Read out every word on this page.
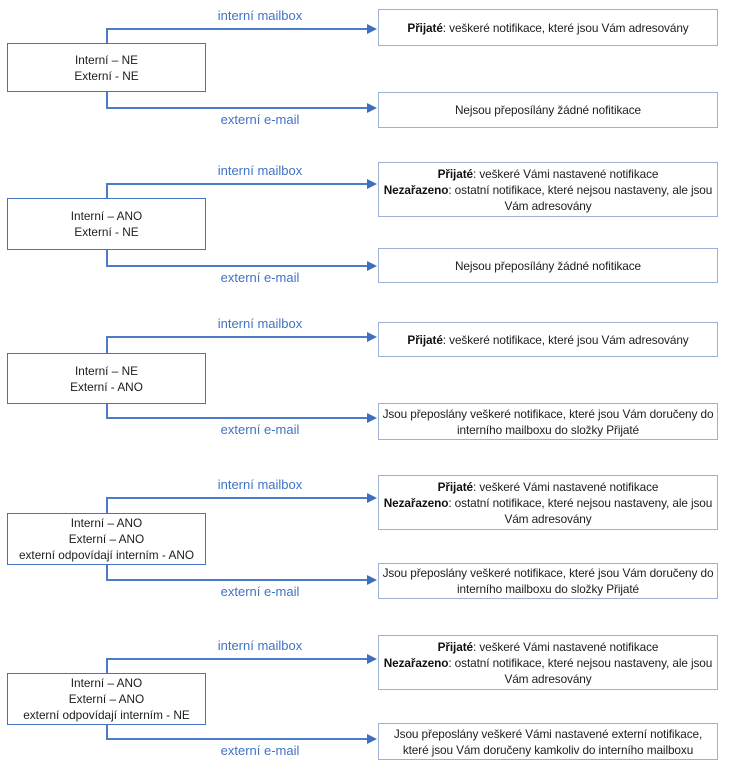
interní mailbox
externí e-mail
Interní – NE
Externí - NE
Přijaté: veškeré notifikace, které jsou Vám adresovány
Nejsou přeposílány žádné nofitikace
interní mailbox
externí e-mail
Interní – ANO
Externí - NE
Přijaté: veškeré Vámi nastavené notifikace
Nezařazeno: ostatní notifikace, které nejsou nastaveny, ale jsou Vám adresovány
Nejsou přeposílány žádné nofitikace
interní mailbox
externí e-mail
Interní – NE
Externí - ANO
Přijaté: veškeré notifikace, které jsou Vám adresovány
Jsou přeposlány veškeré notifikace, které jsou Vám doručeny do interního mailboxu do složky Přijaté
interní mailbox
externí e-mail
Interní – ANO
Externí – ANO
externí odpovídají interním - ANO
Přijaté: veškeré Vámi nastavené notifikace
Nezařazeno: ostatní notifikace, které nejsou nastaveny, ale jsou Vám adresovány
Jsou přeposlány veškeré notifikace, které jsou Vám doručeny do interního mailboxu do složky Přijaté
interní mailbox
externí e-mail
Interní – ANO
Externí – ANO
externí odpovídají interním - NE
Přijaté: veškeré Vámi nastavené notifikace
Nezařazeno: ostatní notifikace, které nejsou nastaveny, ale jsou Vám adresovány
Jsou přeposlány veškeré Vámi nastavené externí notifikace, které jsou Vám doručeny kamkoliv do interního mailboxu
